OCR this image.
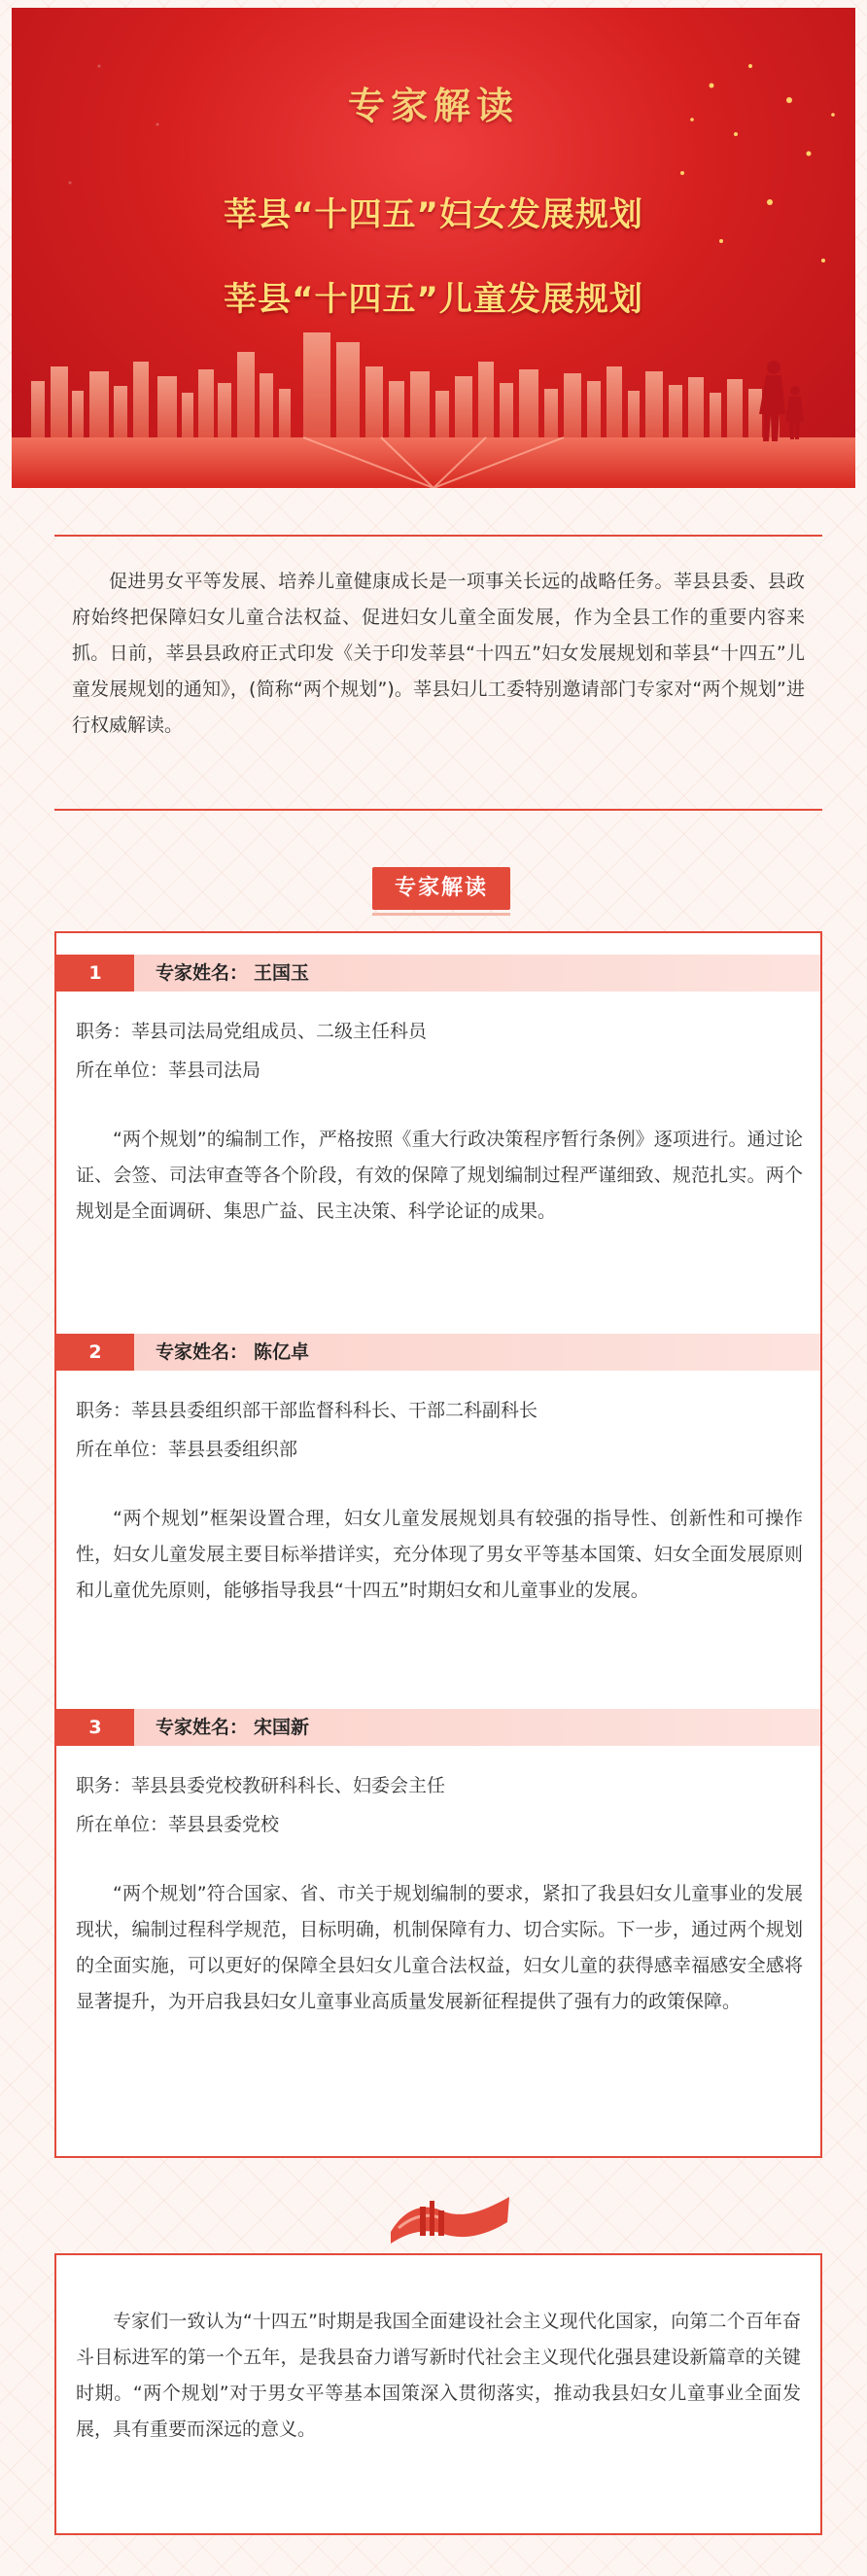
专家解读
莘县“十四五”妇女发展规划
莘县“十四五”儿童发展规划

促进男女平等发展、培养儿童健康成长是一项事关长远的战略任务。莘县县委、县政府始终把保障妇女儿童合法权益、促进妇女儿童全面发展，作为全县工作的重要内容来抓。日前，莘县县政府正式印发《关于印发莘县“十四五”妇女发展规划和莘县“十四五”儿童发展规划的通知》，(简称“两个规划”)。莘县妇儿工委特别邀请部门专家对“两个规划”进行权威解读。

专家解读
1	专家姓名： 王国玉
职务：莘县司法局党组成员、二级主任科员
所在单位：莘县司法局

“两个规划”的编制工作，严格按照《重大行政决策程序暂行条例》逐项进行。通过论证、会签、司法审查等各个阶段，有效的保障了规划编制过程严谨细致、规范扎实。两个规划是全面调研、集思广益、民主决策、科学论证的成果。

2	专家姓名： 陈亿卓
职务：莘县县委组织部干部监督科科长、干部二科副科长
所在单位：莘县县委组织部

“两个规划”框架设置合理，妇女儿童发展规划具有较强的指导性、创新性和可操作性，妇女儿童发展主要目标举措详实，充分体现了男女平等基本国策、妇女全面发展原则和儿童优先原则，能够指导我县“十四五”时期妇女和儿童事业的发展。

3	专家姓名： 宋国新
职务：莘县县委党校教研科科长、妇委会主任
所在单位：莘县县委党校

“两个规划”符合国家、省、市关于规划编制的要求，紧扣了我县妇女儿童事业的发展现状，编制过程科学规范，目标明确，机制保障有力、切合实际。下一步，通过两个规划的全面实施，可以更好的保障全县妇女儿童合法权益，妇女儿童的获得感幸福感安全感将显著提升，为开启我县妇女儿童事业高质量发展新征程提供了强有力的政策保障。

专家们一致认为“十四五”时期是我国全面建设社会主义现代化国家，向第二个百年奋斗目标进军的第一个五年，是我县奋力谱写新时代社会主义现代化强县建设新篇章的关键时期。“两个规划”对于男女平等基本国策深入贯彻落实，推动我县妇女儿童事业全面发展，具有重要而深远的意义。
